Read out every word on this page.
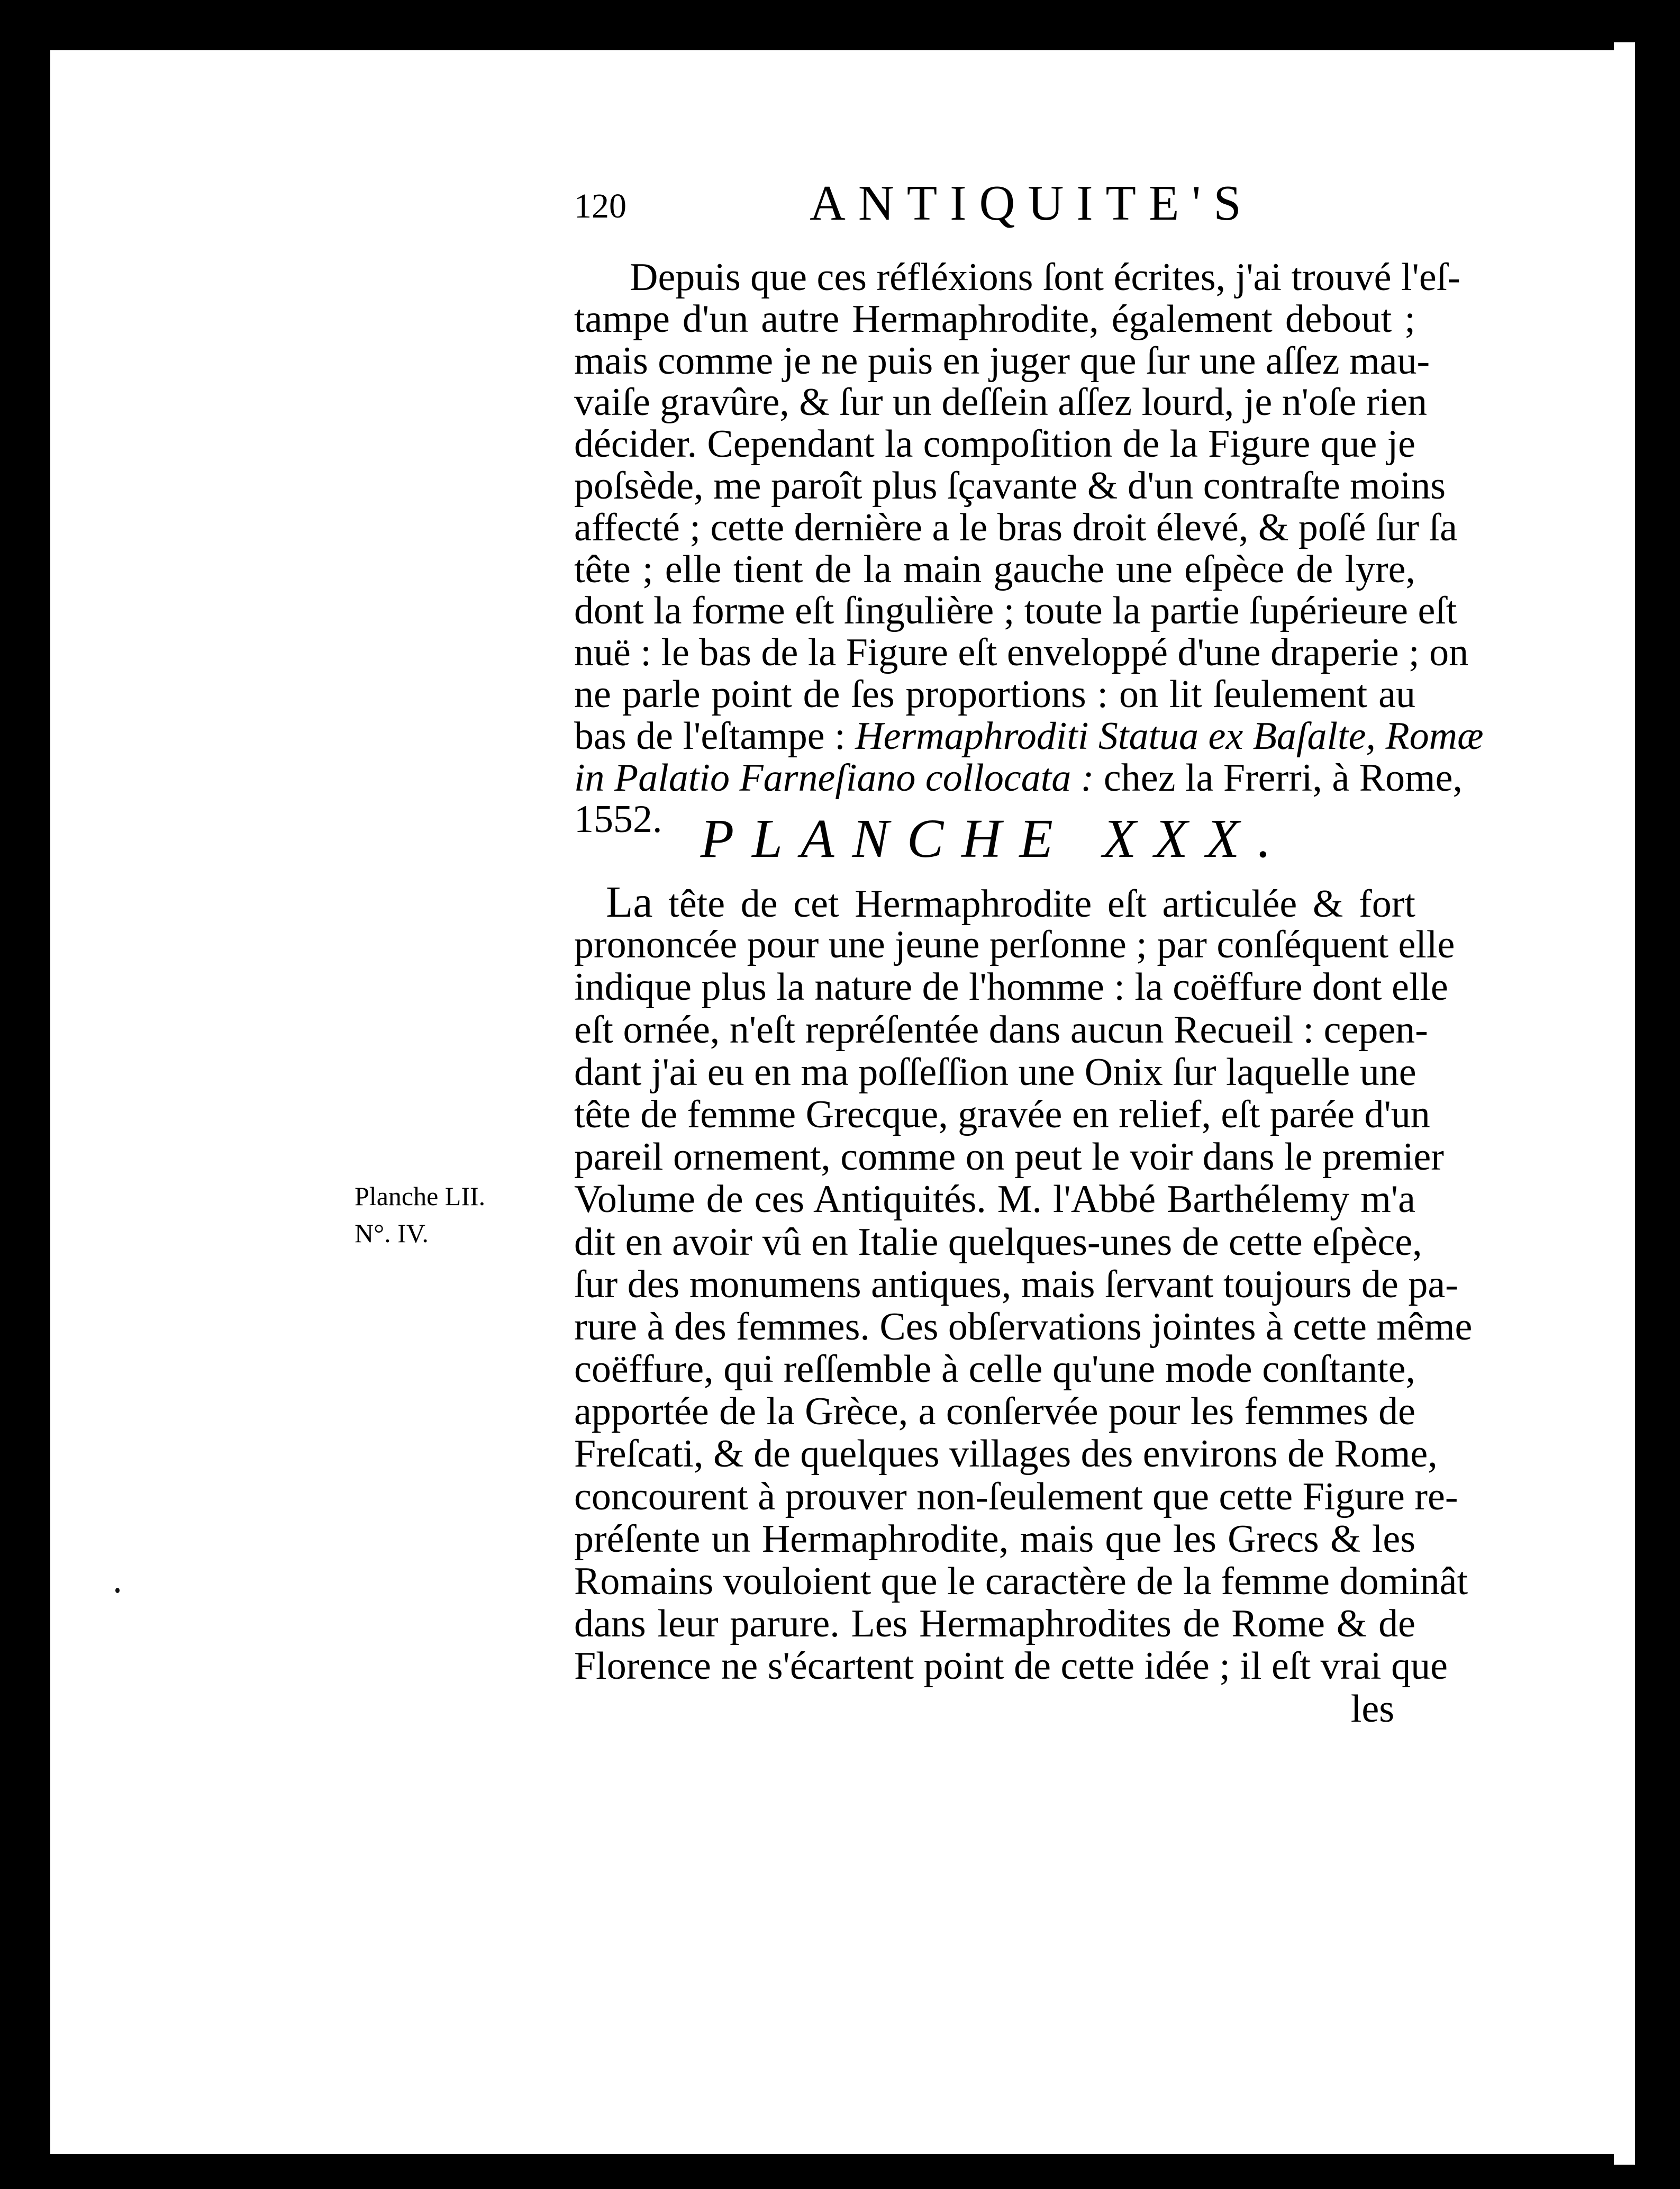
120	ANTIQUITE'S
Depuis que ces réfléxions ſont écrites, j'ai trouvé l'eſ-
tampe d'un autre Hermaphrodite, également debout ;
mais comme je ne puis en juger que ſur une aſſez mau-
vaiſe gravûre, & ſur un deſſein aſſez lourd, je n'oſe rien
décider. Cependant la compoſition de la Figure que je
poſsède, me paroît plus ſçavante & d'un contraſte moins
affecté ; cette dernière a le bras droit élevé, & poſé ſur ſa
tête ; elle tient de la main gauche une eſpèce de lyre,
dont la forme eſt ſingulière ; toute la partie ſupérieure eſt
nuë : le bas de la Figure eſt enveloppé d'une draperie ; on
ne parle point de ſes proportions : on lit ſeulement au
bas de l'eſtampe : Hermaphroditi Statua ex Baſalte, Romæ
in Palatio Farneſiano collocata : chez la Frerri, à Rome,
1552. PLANCHE XXX.
La tête de cet Hermaphrodite eſt articulée & fort
prononcée pour une jeune perſonne ; par conſéquent elle
indique plus la nature de l'homme : la coëffure dont elle
eſt ornée, n'eſt repréſentée dans aucun Recueil : cepen-
dant j'ai eu en ma poſſeſſion une Onix ſur laquelle une
tête de femme Grecque, gravée en relief, eſt parée d'un
pareil ornement, comme on peut le voir dans le premier
Volume de ces Antiquités. M. l'Abbé Barthélemy m'a
dit en avoir vû en Italie quelques-unes de cette eſpèce,
ſur des monumens antiques, mais ſervant toujours de pa-
rure à des femmes. Ces obſervations jointes à cette même
coëffure, qui reſſemble à celle qu'une mode conſtante,
apportée de la Grèce, a conſervée pour les femmes de
Freſcati, & de quelques villages des environs de Rome,
concourent à prouver non-ſeulement que cette Figure re-
préſente un Hermaphrodite, mais que les Grecs & les
Romains vouloient que le caractère de la femme dominât
dans leur parure. Les Hermaphrodites de Rome & de
Florence ne s'écartent point de cette idée ; il eſt vrai que
les
Planche LII.
N°. IV.
